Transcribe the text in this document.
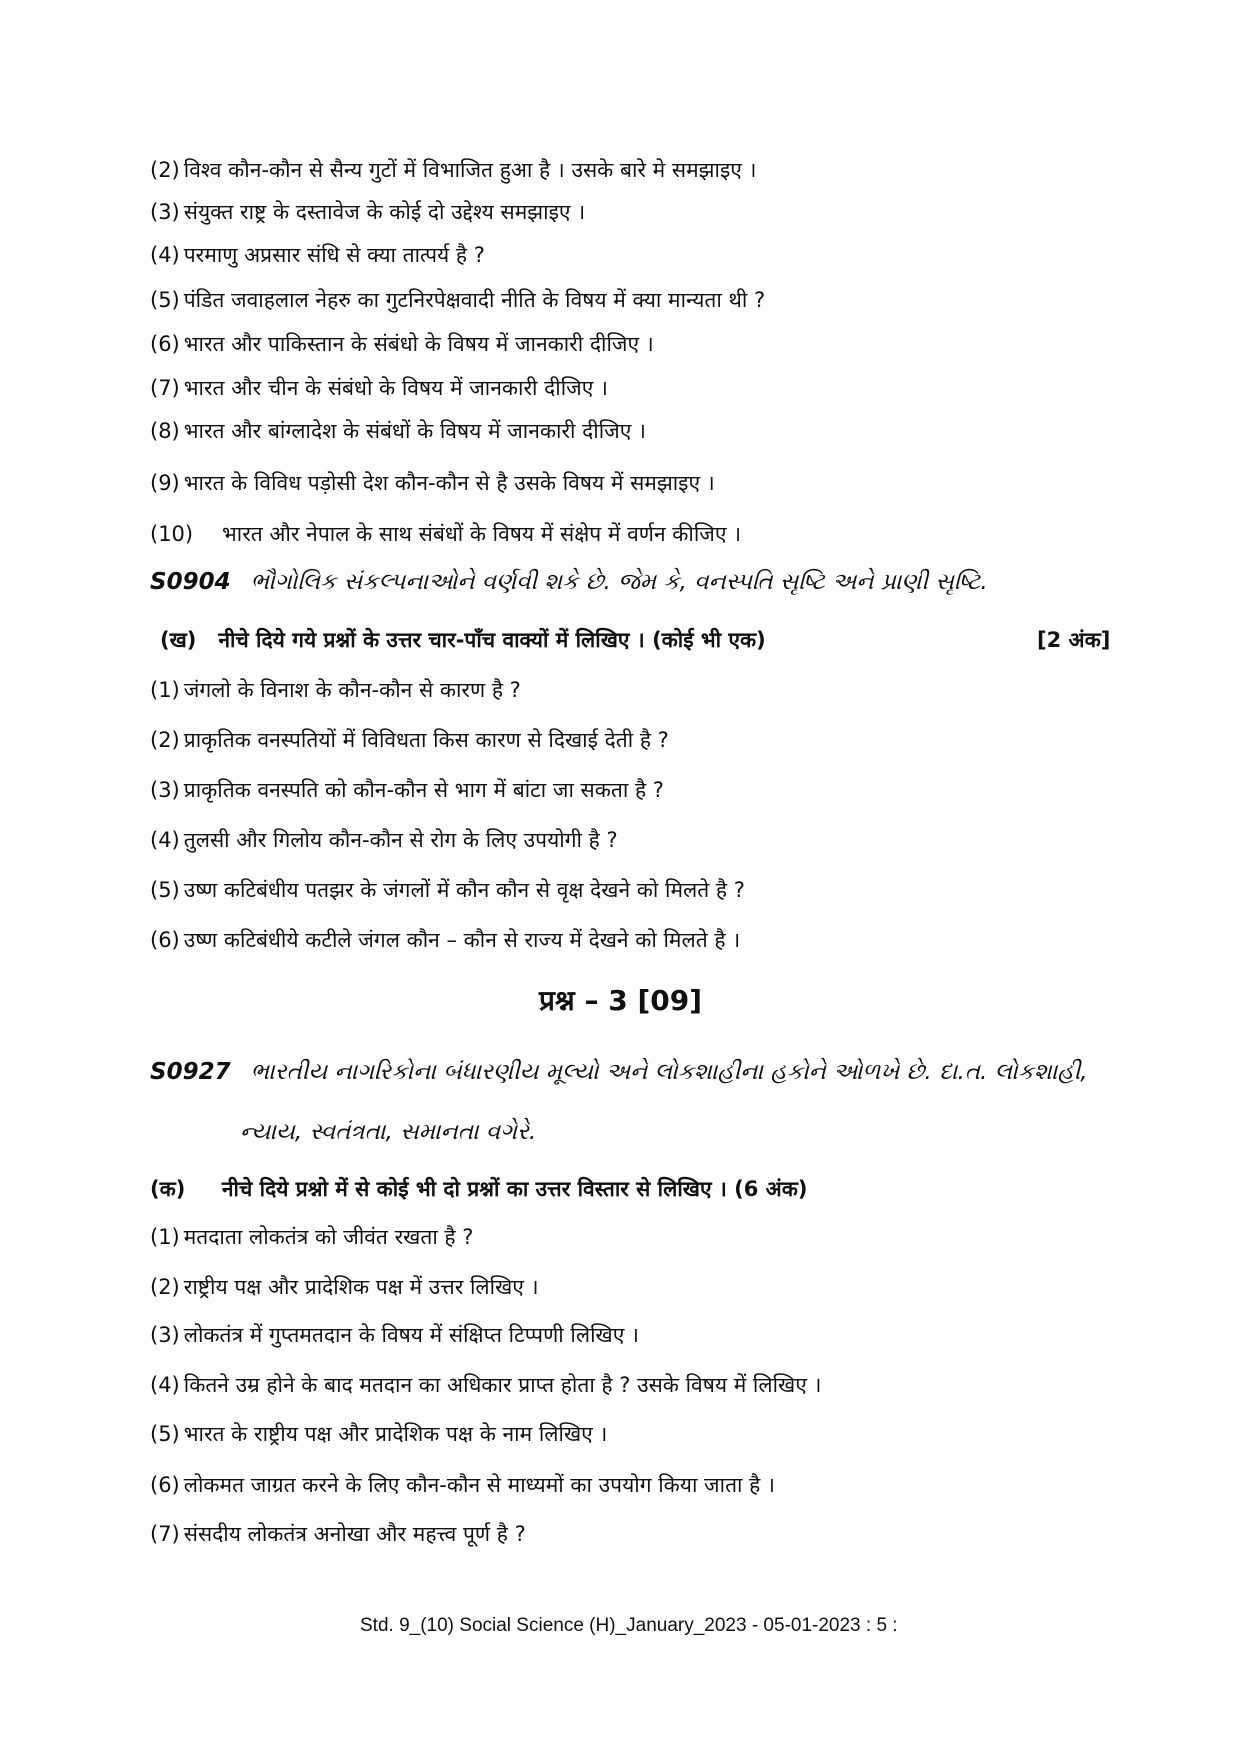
(2) विश्व कौन-कौन से सैन्य गुटों में विभाजित हुआ है । उसके बारे मे समझाइए ।
(3) संयुक्त राष्ट्र के दस्तावेज के कोई दो उद्देश्य समझाइए ।
(4) परमाणु अप्रसार संधि से क्या तात्पर्य है ?
(5) पंडित जवाहलाल नेहरु का गुटनिरपेक्षवादी नीति के विषय में क्या मान्यता थी ?
(6) भारत और पाकिस्तान के संबंधो के विषय में जानकारी दीजिए ।
(7) भारत और चीन के संबंधो के विषय में जानकारी दीजिए ।
(8) भारत और बांग्लादेश के संबंधों के विषय में जानकारी दीजिए ।
(9) भारत के विविध पड़ोसी देश कौन-कौन से है उसके विषय में समझाइए ।
(10) भारत और नेपाल के साथ संबंधों के विषय में संक्षेप में वर्णन कीजिए ।
S0904 ભૌગોલિક સંકલ્પનાઓને વર્ણવી શકે છે. જેમ કે, વનસ્પતિ સૃષ્ટિ અને પ્રાણી સૃષ્ટિ.
(ख) नीचे दिये गये प्रश्नों के उत्तर चार-पाँच वाक्यों में लिखिए । (कोई भी एक)	[2 अंक]
(1) जंगलो के विनाश के कौन-कौन से कारण है ?
(2) प्राकृतिक वनस्पतियों में विविधता किस कारण से दिखाई देती है ?
(3) प्राकृतिक वनस्पति को कौन-कौन से भाग में बांटा जा सकता है ?
(4) तुलसी और गिलोय कौन-कौन से रोग के लिए उपयोगी है ?
(5) उष्ण कटिबंधीय पतझर के जंगलों में कौन कौन से वृक्ष देखने को मिलते है ?
(6) उष्ण कटिबंधीये कटीले जंगल कौन – कौन से राज्य में देखने को मिलते है ।
प्रश्न – 3 [09]
S0927 ભારતીય નાગરિકોના બંધારણીય મૂલ્યો અને લોકશાહીના હકોને ઓળખે છે. દા.ત. લોકશાહી,
ન્યાય, સ્વતંત્રતા, સમાનતા વગેરે.
(क) नीचे दिये प्रश्नो में से कोई भी दो प्रश्नों का उत्तर विस्तार से लिखिए । (6 अंक)
(1) मतदाता लोकतंत्र को जीवंत रखता है ?
(2) राष्ट्रीय पक्ष और प्रादेशिक पक्ष में उत्तर लिखिए ।
(3) लोकतंत्र में गुप्तमतदान के विषय में संक्षिप्त टिप्पणी लिखिए ।
(4) कितने उम्र होने के बाद मतदान का अधिकार प्राप्त होता है ? उसके विषय में लिखिए ।
(5) भारत के राष्ट्रीय पक्ष और प्रादेशिक पक्ष के नाम लिखिए ।
(6) लोकमत जाग्रत करने के लिए कौन-कौन से माध्यमों का उपयोग किया जाता है ।
(7) संसदीय लोकतंत्र अनोखा और महत्त्व पूर्ण है ?
Std. 9_(10) Social Science (H)_January_2023 - 05-01-2023 : 5 :
